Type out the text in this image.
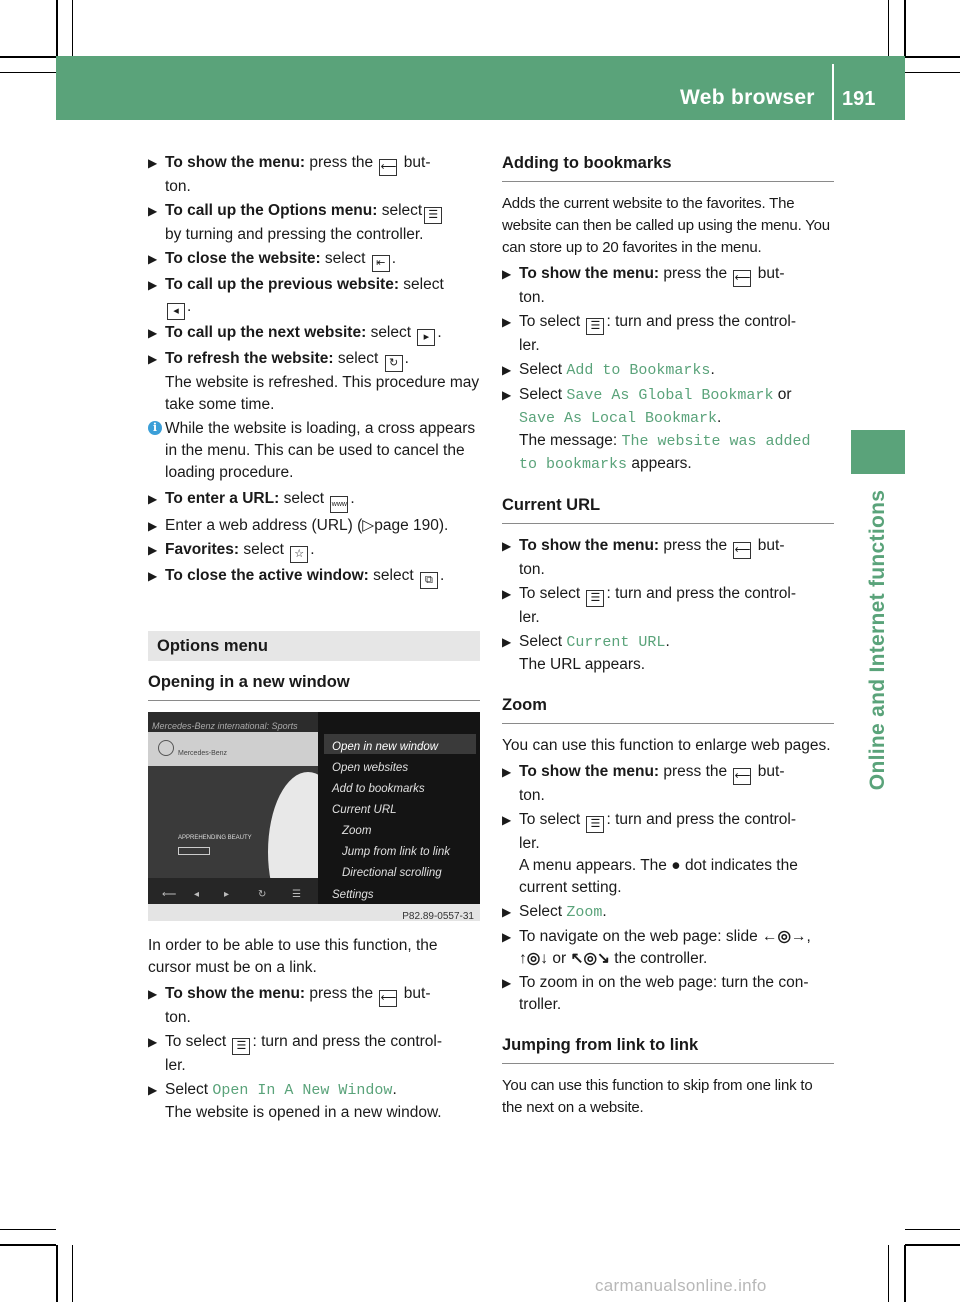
Web browser 191
Online and Internet functions
▶ To show the menu: press the ⟵ but-
ton.
▶ To call up the Options menu: select ☰
by turning and pressing the controller.
▶ To close the website: select ⇤ .
▶ To call up the previous website: select
◂ .
▶ To call up the next website: select ▸ .
▶ To refresh the website: select ↻ .
The website is refreshed. This procedure may take some time.
i While the website is loading, a cross appears in the menu. This can be used to cancel the loading procedure.
▶ To enter a URL: select www .
▶ Enter a web address (URL) (▷page 190).
▶ Favorites: select ☆ .
▶ To close the active window: select ⧉ .
Options menu
Opening in a new window
Mercedes-Benz international: Sports
Mercedes-Benz
APPREHENDING BEAUTY
⟵ ◂ ▸	↻	☰
Open in new window
Open websites
Add to bookmarks
Current URL
Zoom
Jump from link to link
Directional scrolling
Settings
P82.89-0557-31
In order to be able to use this function, the cursor must be on a link.
▶ To show the menu: press the ⟵ but-
ton.
▶ To select ☰ : turn and press the control-
ler.
▶ Select Open In A New Window.
The website is opened in a new window.
Adding to bookmarks
Adds the current website to the favorites. The website can then be called up using the menu. You can store up to 20 favorites in the menu.
▶ To show the menu: press the ⟵ but-
ton.
▶ To select ☰ : turn and press the control-
ler.
▶ Select Add to Bookmarks.
▶ Select Save As Global Bookmark or
Save As Local Bookmark.
The message: The website was added to bookmarks appears.
Current URL
▶ To show the menu: press the ⟵ but-
ton.
▶ To select ☰ : turn and press the control-
ler.
▶ Select Current URL.
The URL appears.
Zoom
You can use this function to enlarge web pages.
▶ To show the menu: press the ⟵ but-
ton.
▶ To select ☰ : turn and press the control-
ler.
A menu appears. The ● dot indicates the current setting.
▶ Select Zoom.
▶ To navigate on the web page: slide ←◎→,
↑◎↓ or ↖◎↘ the controller.
▶ To zoom in on the web page: turn the con-
troller.
Jumping from link to link
You can use this function to skip from one link to the next on a website.
carmanualsonline.info
